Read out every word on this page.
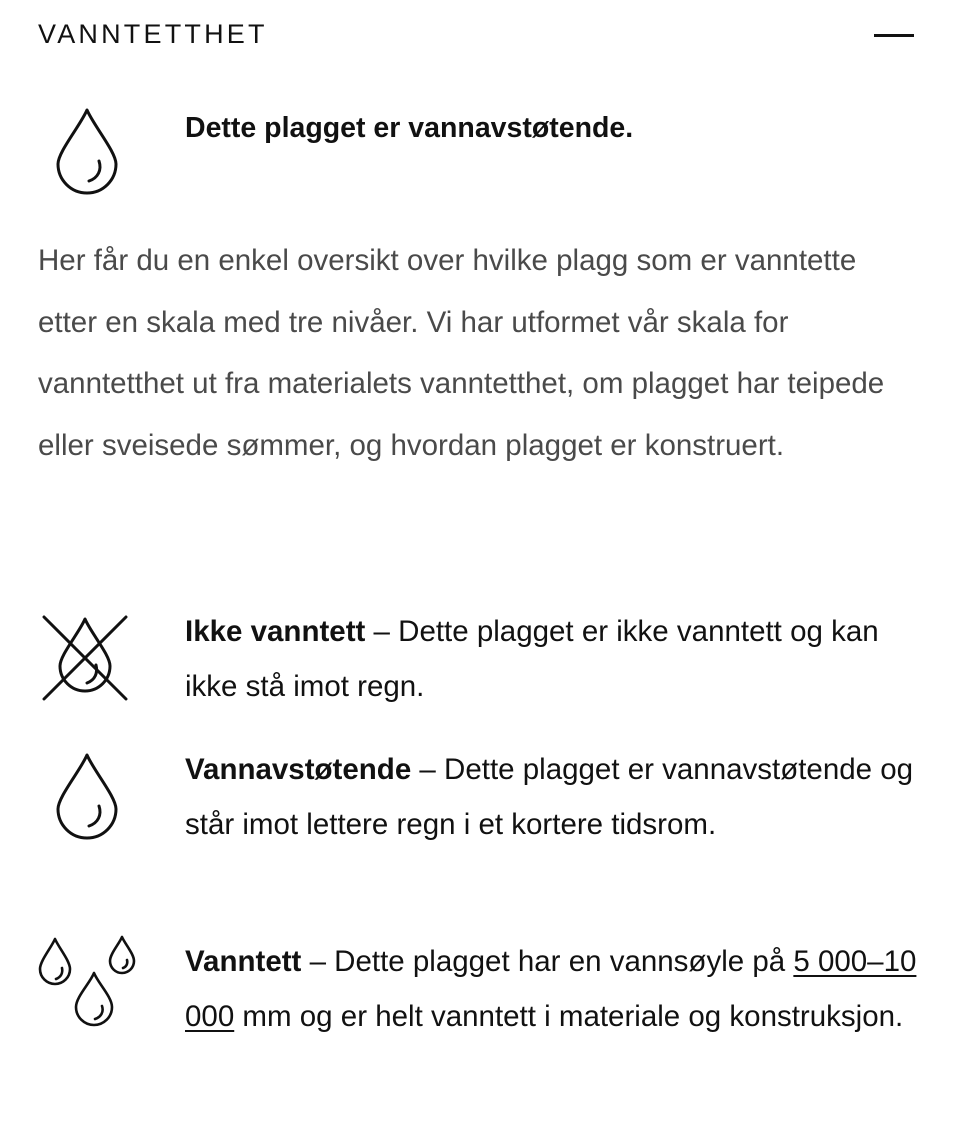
VANNTETTHET
Dette plagget er vannavstøtende.
Her får du en enkel oversikt over hvilke plagg som er vanntette etter en skala med tre nivåer. Vi har utformet vår skala for vanntetthet ut fra materialets vanntetthet, om plagget har teipede eller sveisede sømmer, og hvordan plagget er konstruert.
Ikke vanntett – Dette plagget er ikke vanntett og kan ikke stå imot regn.
Vannavstøtende – Dette plagget er vannavstøtende og står imot lettere regn i et kortere tidsrom.
Vanntett – Dette plagget har en vannsøyle på 5 000–10 000 mm og er helt vanntett i materiale og konstruksjon.
